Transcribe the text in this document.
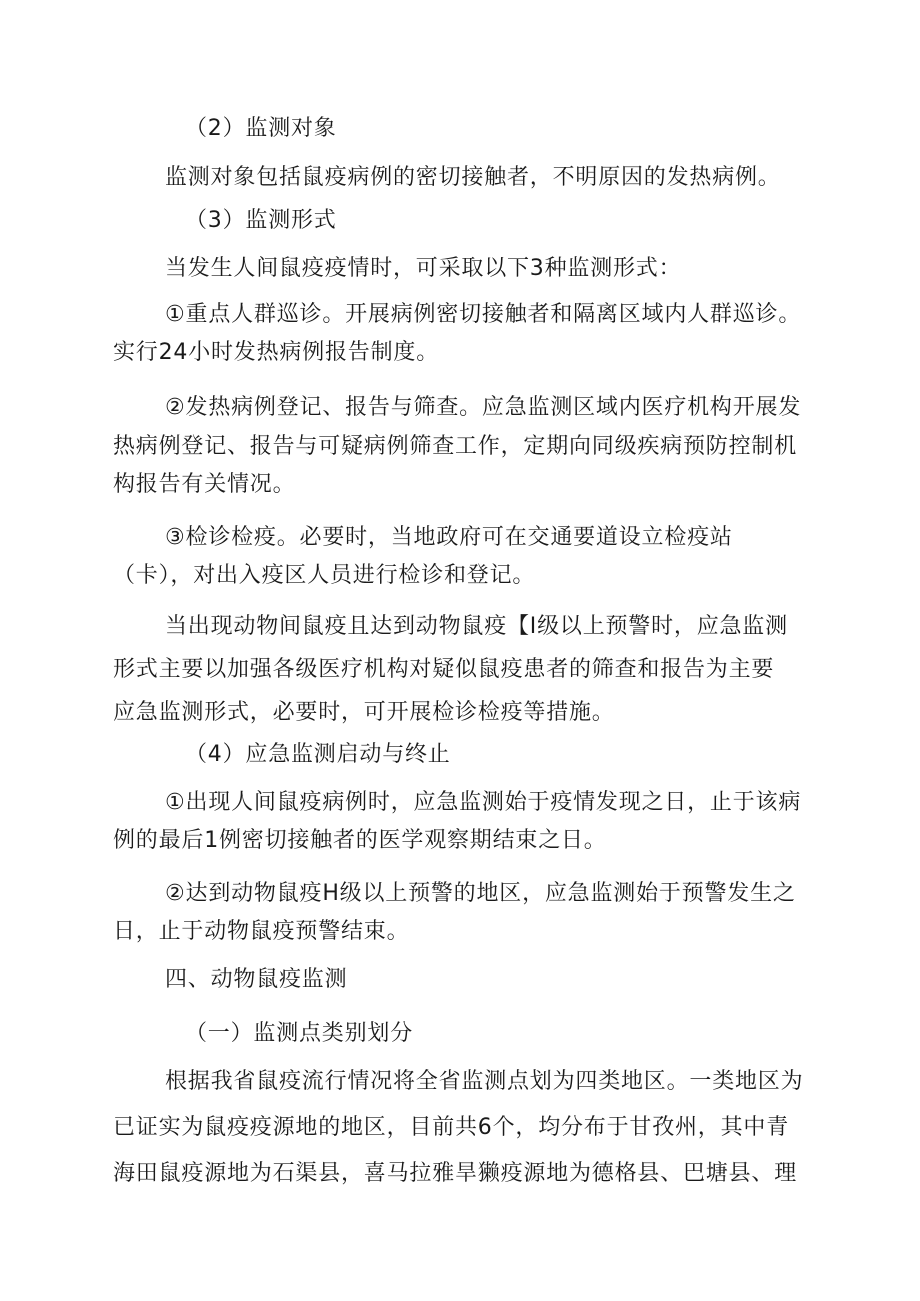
（2）监测对象
监测对象包括鼠疫病例的密切接触者，不明原因的发热病例。
（3）监测形式
当发生人间鼠疫疫情时，可采取以下3种监测形式：
①重点人群巡诊。开展病例密切接触者和隔离区域内人群巡诊。
实行24小时发热病例报告制度。
②发热病例登记、报告与筛查。应急监测区域内医疗机构开展发
热病例登记、报告与可疑病例筛查工作，定期向同级疾病预防控制机
构报告有关情况。
③检诊检疫。必要时，当地政府可在交通要道设立检疫站
（卡），对出入疫区人员进行检诊和登记。
当出现动物间鼠疫且达到动物鼠疫【I级以上预警时，应急监测
形式主要以加强各级医疗机构对疑似鼠疫患者的筛查和报告为主要
应急监测形式，必要时，可开展检诊检疫等措施。
（4）应急监测启动与终止
①出现人间鼠疫病例时，应急监测始于疫情发现之日，止于该病
例的最后1例密切接触者的医学观察期结束之日。
②达到动物鼠疫H级以上预警的地区，应急监测始于预警发生之
日，止于动物鼠疫预警结束。
四、动物鼠疫监测
（一）监测点类别划分
根据我省鼠疫流行情况将全省监测点划为四类地区。一类地区为
已证实为鼠疫疫源地的地区，目前共6个，均分布于甘孜州，其中青
海田鼠疫源地为石渠县，喜马拉雅旱獭疫源地为德格县、巴塘县、理
